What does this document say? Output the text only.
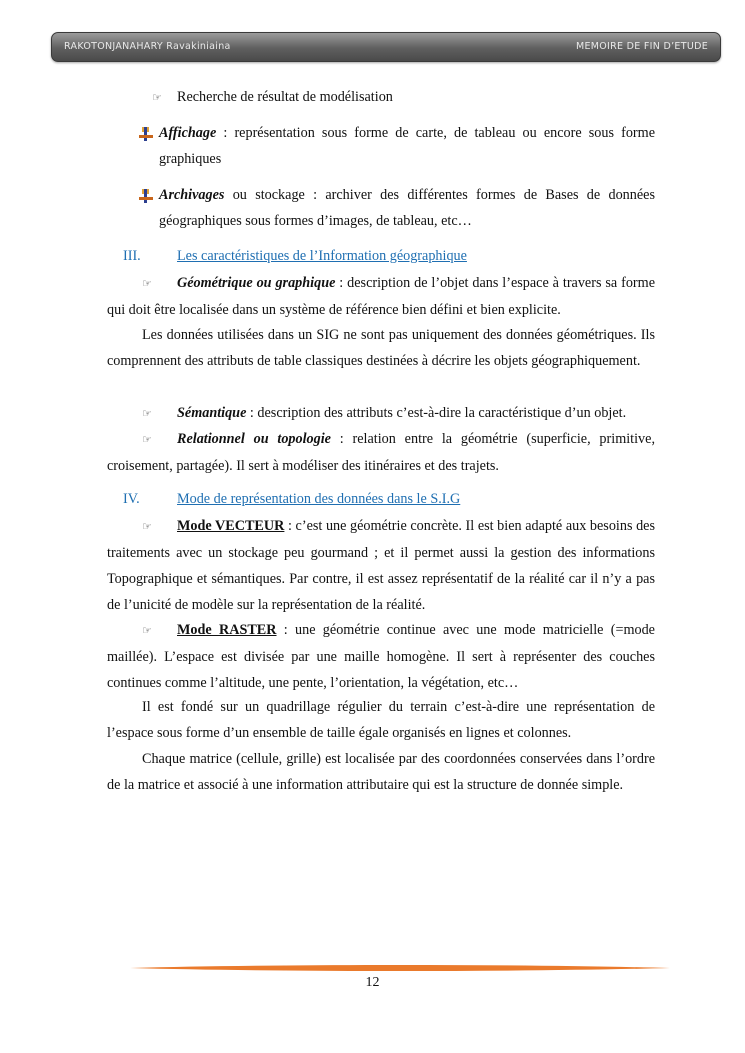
RAKOTONJANAHARY Ravakiniaina	MEMOIRE DE FIN D’ETUDE
☞ Recherche de résultat de modélisation
Affichage : représentation sous forme de carte, de tableau ou encore sous forme graphiques
Archivages ou stockage : archiver des différentes formes de Bases de données géographiques sous formes d’images, de tableau, etc…
III.	Les caractéristiques de l’Information géographique
☞ Géométrique ou graphique : description de l’objet dans l’espace à travers sa forme qui doit être localisée dans un système de référence bien défini et bien explicite.
Les données utilisées dans un SIG ne sont pas uniquement des données géométriques. Ils comprennent des attributs de table classiques destinées à décrire les objets géographiquement.
☞ Sémantique : description des attributs c’est-à-dire la caractéristique d’un objet.
☞ Relationnel ou topologie : relation entre la géométrie (superficie, primitive, croisement, partagée). Il sert à modéliser des itinéraires et des trajets.
IV.	Mode de représentation des données dans le S.I.G
☞ Mode VECTEUR : c’est une géométrie concrète. Il est bien adapté aux besoins des traitements avec un stockage peu gourmand ; et il permet aussi la gestion des informations Topographique et sémantiques. Par contre, il est assez représentatif de la réalité car il n’y a pas de l’unicité de modèle sur la représentation de la réalité.
☞ Mode RASTER : une géométrie continue avec une mode matricielle (=mode maillée). L’espace est divisée par une maille homogène. Il sert à représenter des couches continues comme l’altitude, une pente, l’orientation, la végétation, etc…
Il est fondé sur un quadrillage régulier du terrain c’est-à-dire une représentation de l’espace sous forme d’un ensemble de taille égale organisés en lignes et colonnes.
Chaque matrice (cellule, grille) est localisée par des coordonnées conservées dans l’ordre de la matrice et associé à une information attributaire qui est la structure de donnée simple.
12
